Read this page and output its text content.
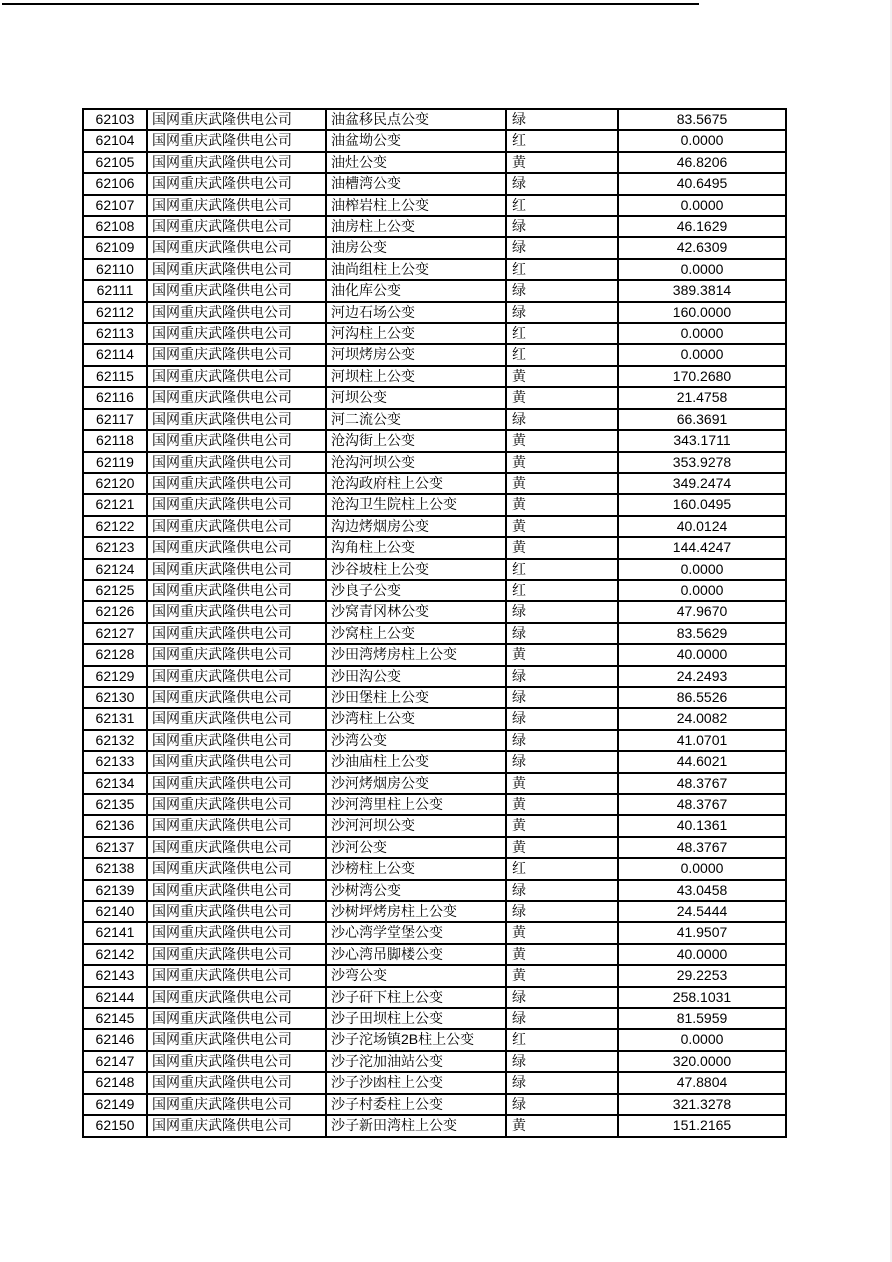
62103	国网重庆武隆供电公司	油盆移民点公变	绿	83.5675
62104	国网重庆武隆供电公司	油盆坳公变	红	0.0000
62105	国网重庆武隆供电公司	油灶公变	黄	46.8206
62106	国网重庆武隆供电公司	油槽湾公变	绿	40.6495
62107	国网重庆武隆供电公司	油榨岩柱上公变	红	0.0000
62108	国网重庆武隆供电公司	油房柱上公变	绿	46.1629
62109	国网重庆武隆供电公司	油房公变	绿	42.6309
62110	国网重庆武隆供电公司	油尚组柱上公变	红	0.0000
62111	国网重庆武隆供电公司	油化库公变	绿	389.3814
62112	国网重庆武隆供电公司	河边石场公变	绿	160.0000
62113	国网重庆武隆供电公司	河沟柱上公变	红	0.0000
62114	国网重庆武隆供电公司	河坝烤房公变	红	0.0000
62115	国网重庆武隆供电公司	河坝柱上公变	黄	170.2680
62116	国网重庆武隆供电公司	河坝公变	黄	21.4758
62117	国网重庆武隆供电公司	河二流公变	绿	66.3691
62118	国网重庆武隆供电公司	沧沟街上公变	黄	343.1711
62119	国网重庆武隆供电公司	沧沟河坝公变	黄	353.9278
62120	国网重庆武隆供电公司	沧沟政府柱上公变	黄	349.2474
62121	国网重庆武隆供电公司	沧沟卫生院柱上公变	黄	160.0495
62122	国网重庆武隆供电公司	沟边烤烟房公变	黄	40.0124
62123	国网重庆武隆供电公司	沟角柱上公变	黄	144.4247
62124	国网重庆武隆供电公司	沙谷坡柱上公变	红	0.0000
62125	国网重庆武隆供电公司	沙良子公变	红	0.0000
62126	国网重庆武隆供电公司	沙窝青冈林公变	绿	47.9670
62127	国网重庆武隆供电公司	沙窝柱上公变	绿	83.5629
62128	国网重庆武隆供电公司	沙田湾烤房柱上公变	黄	40.0000
62129	国网重庆武隆供电公司	沙田沟公变	绿	24.2493
62130	国网重庆武隆供电公司	沙田堡柱上公变	绿	86.5526
62131	国网重庆武隆供电公司	沙湾柱上公变	绿	24.0082
62132	国网重庆武隆供电公司	沙湾公变	绿	41.0701
62133	国网重庆武隆供电公司	沙油庙柱上公变	绿	44.6021
62134	国网重庆武隆供电公司	沙河烤烟房公变	黄	48.3767
62135	国网重庆武隆供电公司	沙河湾里柱上公变	黄	48.3767
62136	国网重庆武隆供电公司	沙河河坝公变	黄	40.1361
62137	国网重庆武隆供电公司	沙河公变	黄	48.3767
62138	国网重庆武隆供电公司	沙榜柱上公变	红	0.0000
62139	国网重庆武隆供电公司	沙树湾公变	绿	43.0458
62140	国网重庆武隆供电公司	沙树坪烤房柱上公变	绿	24.5444
62141	国网重庆武隆供电公司	沙心湾学堂堡公变	黄	41.9507
62142	国网重庆武隆供电公司	沙心湾吊脚楼公变	黄	40.0000
62143	国网重庆武隆供电公司	沙弯公变	黄	29.2253
62144	国网重庆武隆供电公司	沙子矸下柱上公变	绿	258.1031
62145	国网重庆武隆供电公司	沙子田坝柱上公变	绿	81.5959
62146	国网重庆武隆供电公司	沙子沱场镇2B柱上公变	红	0.0000
62147	国网重庆武隆供电公司	沙子沱加油站公变	绿	320.0000
62148	国网重庆武隆供电公司	沙子沙凼柱上公变	绿	47.8804
62149	国网重庆武隆供电公司	沙子村委柱上公变	绿	321.3278
62150	国网重庆武隆供电公司	沙子新田湾柱上公变	黄	151.2165
